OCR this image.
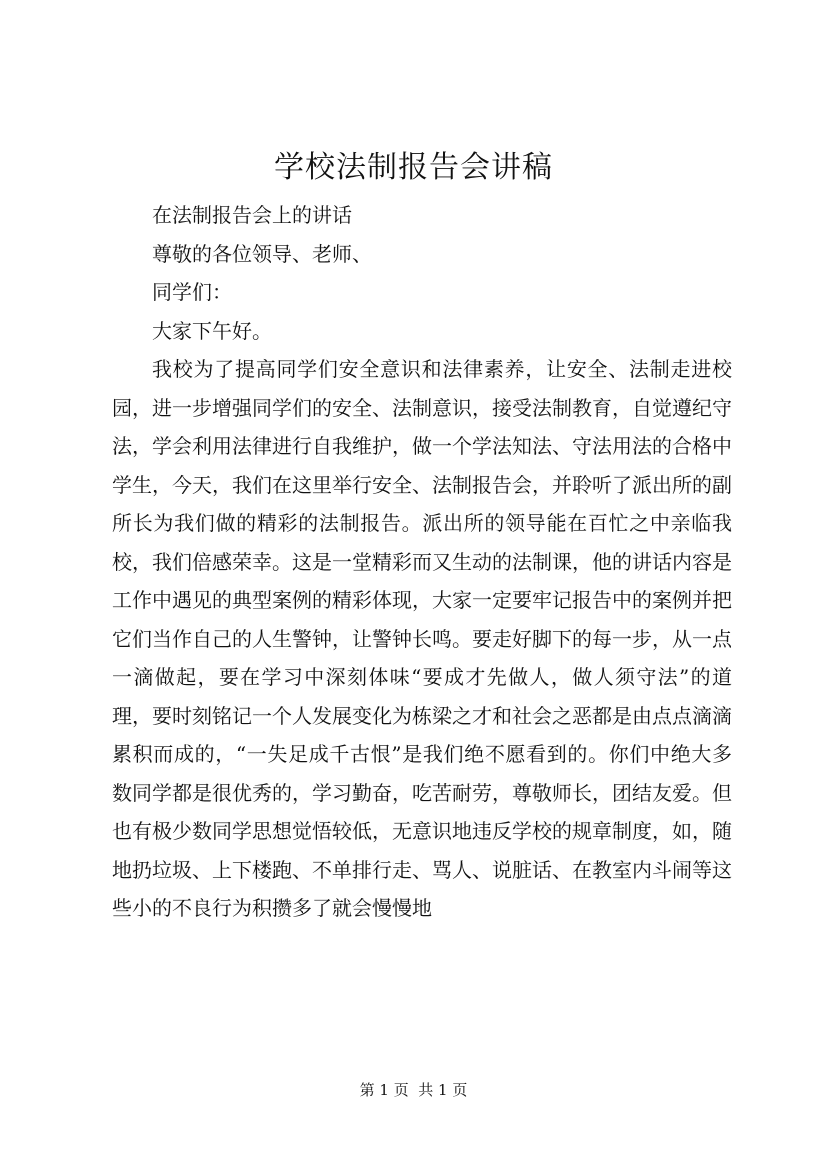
学校法制报告会讲稿

在法制报告会上的讲话

尊敬的各位领导、老师、

同学们：

大家下午好。

我校为了提高同学们安全意识和法律素养，让安全、法制走进校园，进一步增强同学们的安全、法制意识，接受法制教育，自觉遵纪守法，学会利用法律进行自我维护，做一个学法知法、守法用法的合格中学生，今天，我们在这里举行安全、法制报告会，并聆听了派出所的副所长为我们做的精彩的法制报告。派出所的领导能在百忙之中亲临我校，我们倍感荣幸。这是一堂精彩而又生动的法制课，他的讲话内容是工作中遇见的典型案例的精彩体现，大家一定要牢记报告中的案例并把它们当作自己的人生警钟，让警钟长鸣。要走好脚下的每一步，从一点一滴做起，要在学习中深刻体味“要成才先做人，做人须守法”的道理，要时刻铭记一个人发展变化为栋梁之才和社会之恶都是由点点滴滴累积而成的，“一失足成千古恨”是我们绝不愿看到的。你们中绝大多数同学都是很优秀的，学习勤奋，吃苦耐劳，尊敬师长，团结友爱。但也有极少数同学思想觉悟较低，无意识地违反学校的规章制度，如，随地扔垃圾、上下楼跑、不单排行走、骂人、说脏话、在教室内斗闹等这些小的不良行为积攒多了就会慢慢地

第 1 页  共 1 页
